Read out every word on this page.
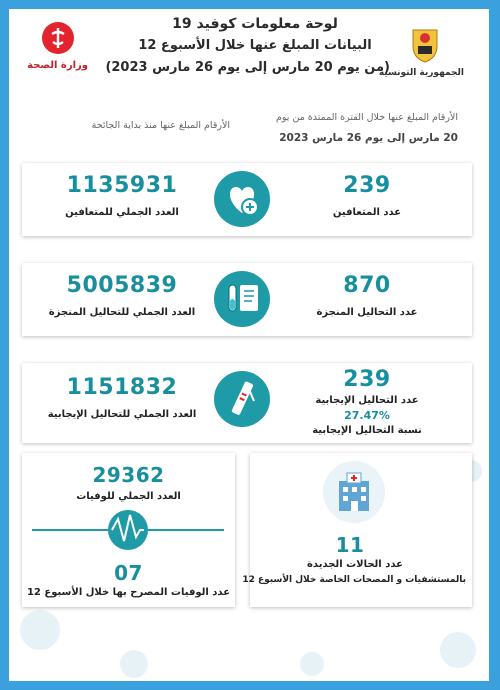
وزارة الصحة
الجمهورية التونسية
لوحة معلومات كوفيد 19
البيانات المبلغ عنها خلال الأسبوع 12
(من يوم 20 مارس إلى يوم 26 مارس 2023)
الأرقام المبلغ عنها خلال الفترة الممتدة من يوم
20 مارس إلى يوم 26 مارس 2023
الأرقام المبلغ عنها منذ بداية الجائحة
1135931
العدد الجملي للمتعافين
239
عدد المتعافين
5005839
العدد الجملي للتحاليل المنجزة
870
عدد التحاليل المنجزة
1151832
العدد الجملي للتحاليل الإيجابية
239
عدد التحاليل الإيجابية
27.47%
نسبة التحاليل الإيجابية
29362
العدد الجملي للوفيات
07
عدد الوفيات المصرح بها خلال الأسبوع 12
11
عدد الحالات الجديدة
بالمستشفيات و المصحات الخاصة خلال الأسبوع 12
